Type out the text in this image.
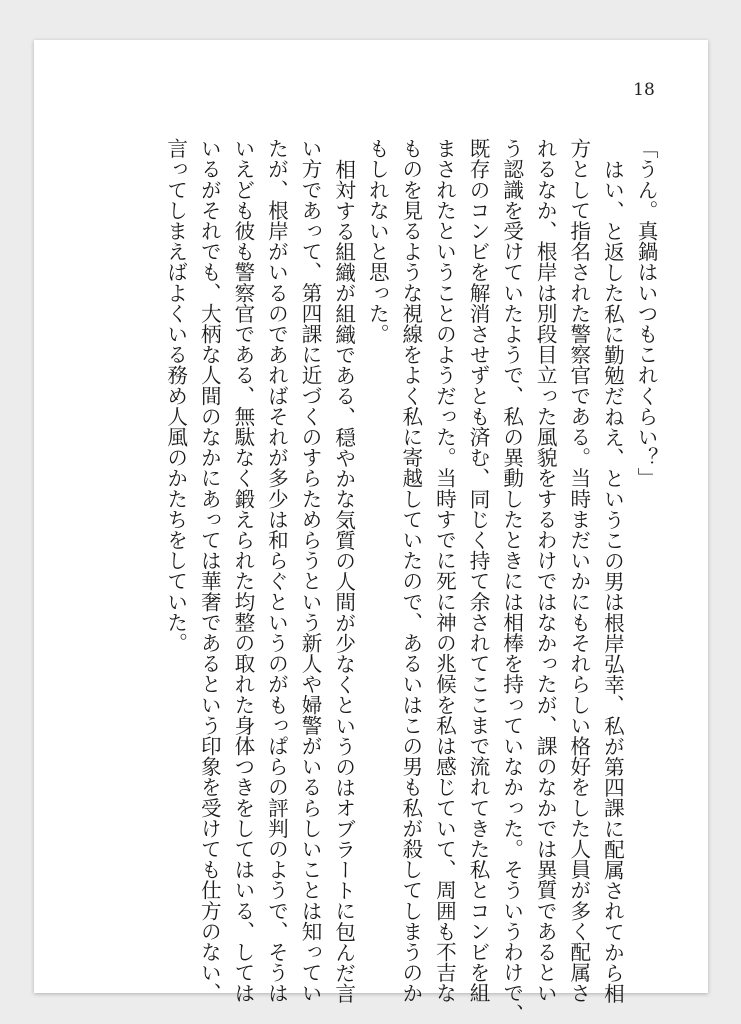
18
「うん。真鍋はいつもこれくらい？」
はい、と返した私に勤勉だねえ、というこの男は根岸弘幸、私が第四課に配属されてから相
方として指名された警察官である。当時まだいかにもそれらしい格好をした人員が多く配属さ
れるなか、根岸は別段目立った風貌をするわけではなかったが、課のなかでは異質であるとい
う認識を受けていたようで、私の異動したときには相棒を持っていなかった。そういうわけで、
既存のコンビを解消させずとも済む、同じく持て余されてここまで流れてきた私とコンビを組
まされたということのようだった。当時すでに死に神の兆候を私は感じていて、周囲も不吉な
ものを見るような視線をよく私に寄越していたので、あるいはこの男も私が殺してしまうのか
もしれないと思った。
相対する組織が組織である、穏やかな気質の人間が少なくというのはオブラートに包んだ言
い方であって、第四課に近づくのすらためらうという新人や婦警がいるらしいことは知ってい
たが、根岸がいるのであればそれが多少は和らぐというのがもっぱらの評判のようで、そうは
いえども彼も警察官である、無駄なく鍛えられた均整の取れた身体つきをしてはいる、しては
いるがそれでも、大柄な人間のなかにあっては華奢であるという印象を受けても仕方のない、
言ってしまえばよくいる務め人風のかたちをしていた。
